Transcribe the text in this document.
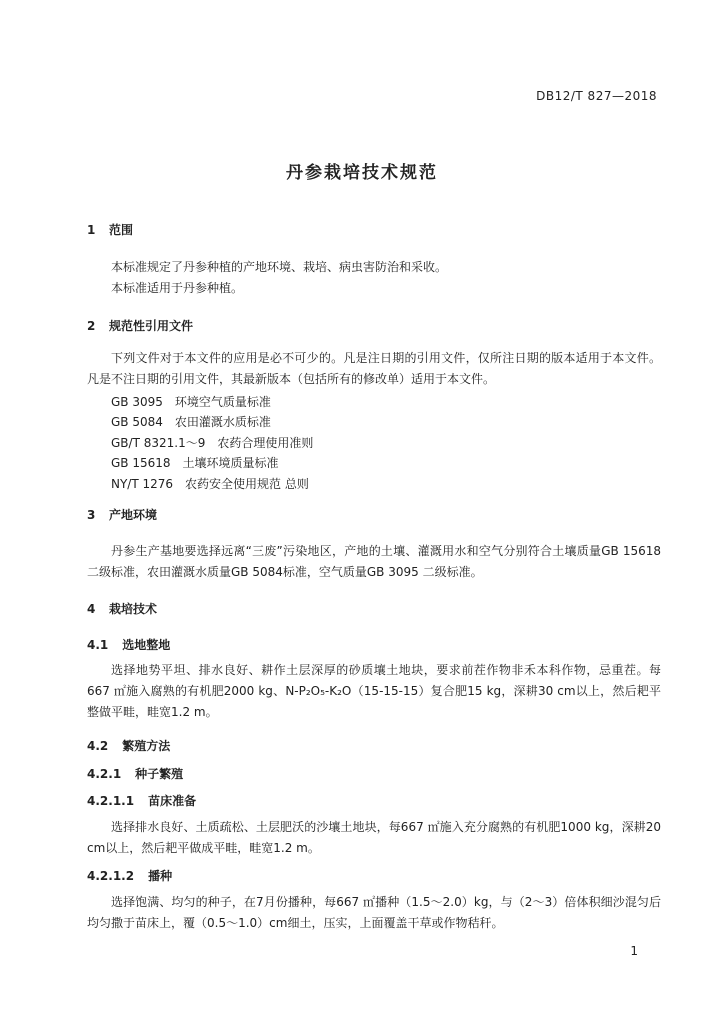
DB12/T 827—2018
丹参栽培技术规范
1 范围
本标准规定了丹参种植的产地环境、栽培、病虫害防治和采收。
本标准适用于丹参种植。
2 规范性引用文件
下列文件对于本文件的应用是必不可少的。凡是注日期的引用文件，仅所注日期的版本适用于本文件。凡是不注日期的引用文件，其最新版本（包括所有的修改单）适用于本文件。
GB 3095　环境空气质量标准
GB 5084　农田灌溉水质标准
GB/T 8321.1～9　农药合理使用准则
GB 15618　土壤环境质量标准
NY/T 1276　农药安全使用规范 总则
3 产地环境
丹参生产基地要选择远离“三废”污染地区，产地的土壤、灌溉用水和空气分别符合土壤质量GB 15618 二级标准，农田灌溉水质量GB 5084标准，空气质量GB 3095 二级标准。
4 栽培技术
4.1 选地整地
选择地势平坦、排水良好、耕作土层深厚的砂质壤土地块，要求前茬作物非禾本科作物，忌重茬。每667 ㎡施入腐熟的有机肥2000 kg、N-P₂O₅-K₂O（15-15-15）复合肥15 kg，深耕30 cm以上，然后耙平整做平畦，畦宽1.2 m。
4.2 繁殖方法
4.2.1 种子繁殖
4.2.1.1 苗床准备
选择排水良好、土质疏松、土层肥沃的沙壤土地块，每667 ㎡施入充分腐熟的有机肥1000 kg，深耕20 cm以上，然后耙平做成平畦，畦宽1.2 m。
4.2.1.2 播种
选择饱满、均匀的种子，在7月份播种，每667 ㎡播种（1.5～2.0）kg，与（2～3）倍体积细沙混匀后均匀撒于苗床上，覆（0.5～1.0）cm细土，压实，上面覆盖干草或作物秸秆。
1
